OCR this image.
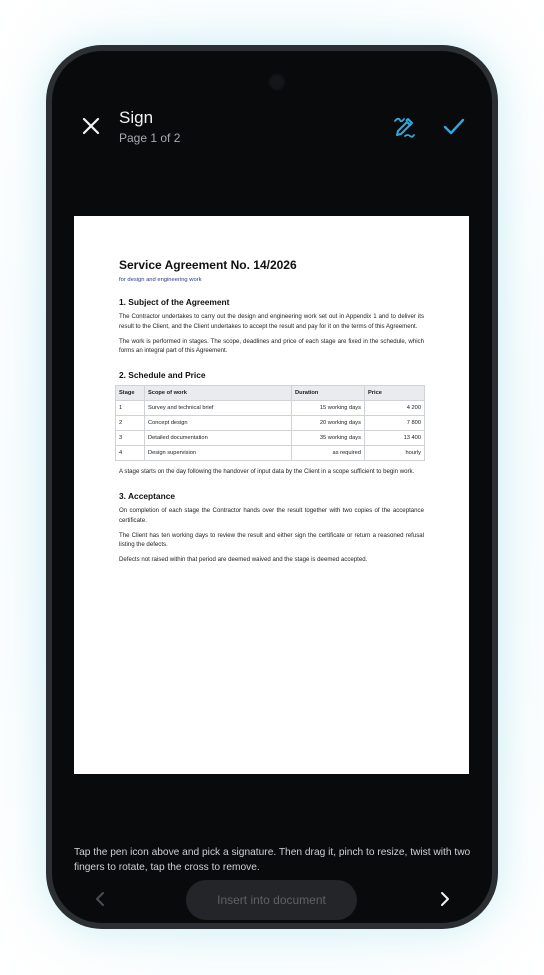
Sign
Page 1 of 2
Service Agreement No. 14/2026
for design and engineering work
1. Subject of the Agreement

The Contractor undertakes to carry out the design and engineering work set out in Appendix 1 and to deliver its result to the Client, and the Client undertakes to accept the result and pay for it on the terms of this Agreement.

The work is performed in stages. The scope, deadlines and price of each stage are fixed in the schedule, which forms an integral part of this Agreement.

2. Schedule and Price
Stage	Scope of work	Duration	Price
1	Survey and technical brief	15 working days	4 200
2	Concept design	20 working days	7 800
3	Detailed documentation	35 working days	13 400
4	Design supervision	as required	hourly

A stage starts on the day following the handover of input data by the Client in a scope sufficient to begin work.

3. Acceptance

On completion of each stage the Contractor hands over the result together with two copies of the acceptance certificate.

The Client has ten working days to review the result and either sign the certificate or return a reasoned refusal listing the defects.

Defects not raised within that period are deemed waived and the stage is deemed accepted.

Tap the pen icon above and pick a signature. Then drag it, pinch to resize, twist with two fingers to rotate, tap the cross to remove.
Insert into document
